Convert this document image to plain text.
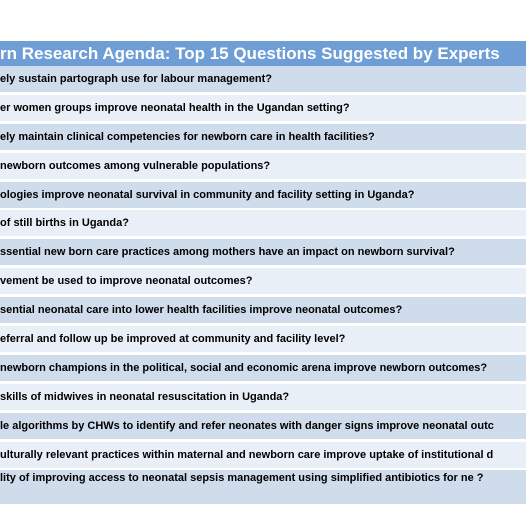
rn Research Agenda: Top 15 Questions Suggested by Experts
ely sustain partograph use for labour management?
er women groups improve neonatal health in the Ugandan setting?
ely maintain clinical competencies for newborn care in health facilities?
newborn outcomes among vulnerable populations?
ologies improve neonatal survival in community and facility setting in Uganda?
of still births in Uganda?
ssential new born care practices among mothers have an impact on newborn survival?
vement be used to improve neonatal outcomes?
sential neonatal care into lower health facilities improve neonatal outcomes?
eferral and follow up be improved at community and facility level?
newborn champions in the political, social and economic arena improve newborn outcomes?
skills of midwives in neonatal resuscitation in Uganda?
le algorithms by CHWs to identify and refer neonates with danger signs improve neonatal outc
ulturally relevant practices within maternal and newborn care improve uptake of institutional d
lity of improving access to neonatal sepsis management using simplified antibiotics for ne ?
